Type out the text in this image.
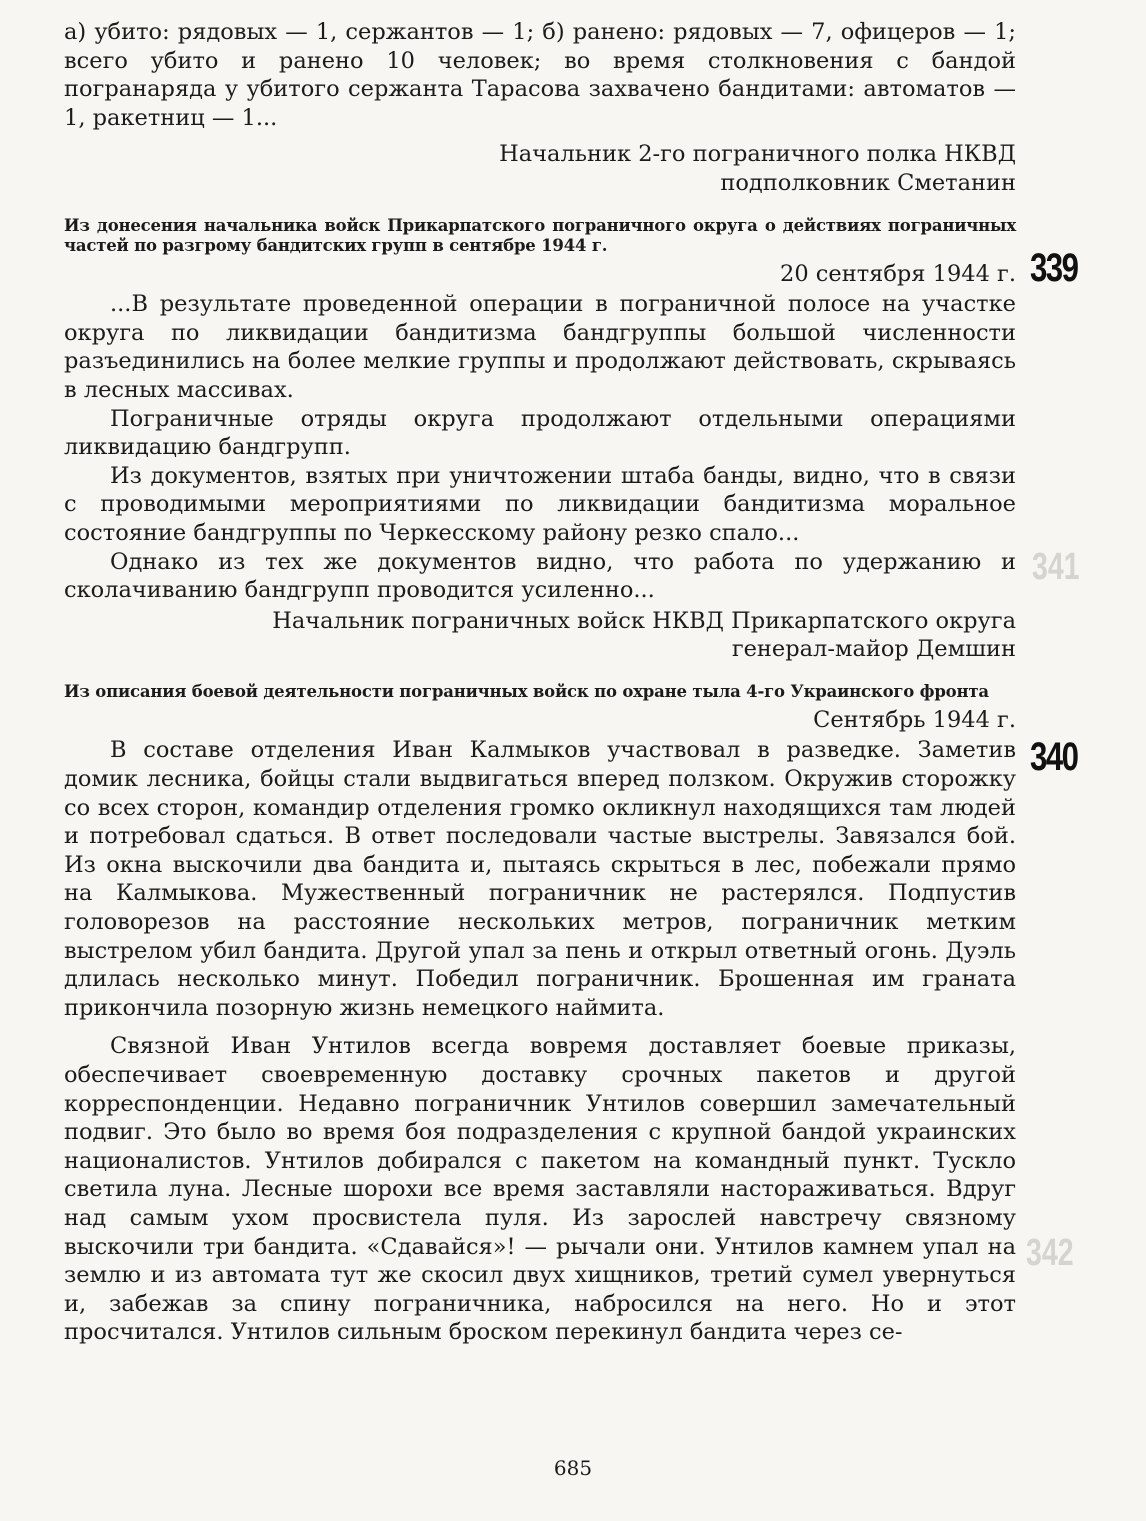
341
342
339
340

а) убито: рядовых — 1, сержантов — 1; б) ранено: рядовых — 7, офицеров — 1; всего убито и ранено 10 человек; во время столкновения с бандой погранаряда у убитого сержанта Тарасова захвачено бандитами: автоматов — 1, ракетниц — 1...

Начальник 2-го пограничного полка НКВД
подполковник Сметанин

Из донесения начальника войск Прикарпатского пограничного округа о действиях пограничных частей по разгрому бандитских групп в сентябре 1944 г.

20 сентября 1944 г.

...В результате проведенной операции в пограничной полосе на участке округа по ликвидации бандитизма бандгруппы большой численности разъединились на более мелкие группы и продолжают действовать, скрываясь в лесных массивах.

Пограничные отряды округа продолжают отдельными операциями ликвидацию бандгрупп.

Из документов, взятых при уничтожении штаба банды, видно, что в связи с проводимыми мероприятиями по ликвидации бандитизма моральное состояние бандгруппы по Черкесскому району резко спало...

Однако из тех же документов видно, что работа по удержанию и сколачиванию бандгрупп проводится усиленно...

Начальник пограничных войск НКВД Прикарпатского округа
генерал-майор Демшин

Из описания боевой деятельности пограничных войск по охране тыла 4-го Украинского фронта

Сентябрь 1944 г.

В составе отделения Иван Калмыков участвовал в разведке. Заметив домик лесника, бойцы стали выдвигаться вперед ползком. Окружив сторожку со всех сторон, командир отделения громко окликнул находящихся там людей и потребовал сдаться. В ответ последовали частые выстрелы. Завязался бой. Из окна выскочили два бандита и, пытаясь скрыться в лес, побежали прямо на Калмыкова. Мужественный пограничник не растерялся. Подпустив головорезов на расстояние нескольких метров, пограничник метким выстрелом убил бандита. Другой упал за пень и открыл ответный огонь. Дуэль длилась несколько минут. Победил пограничник. Брошенная им граната прикончила позорную жизнь немецкого наймита.

Связной Иван Унтилов всегда вовремя доставляет боевые приказы, обеспечивает своевременную доставку срочных пакетов и другой корреспонденции. Недавно пограничник Унтилов совершил замечательный подвиг. Это было во время боя подразделения с крупной бандой украинских националистов. Унтилов добирался с пакетом на командный пункт. Тускло светила луна. Лесные шорохи все время заставляли настораживаться. Вдруг над самым ухом просвистела пуля. Из зарослей навстречу связному выскочили три бандита. «Сдавайся»! — рычали они. Унтилов камнем упал на землю и из автомата тут же скосил двух хищников, третий сумел увернуться и, забежав за спину пограничника, набросился на него. Но и этот просчитался. Унтилов сильным броском перекинул бандита через се-

685
